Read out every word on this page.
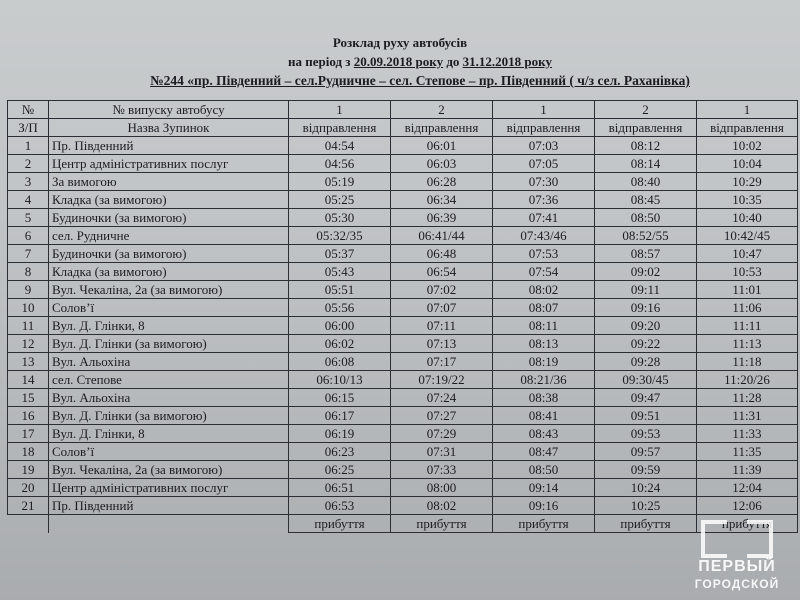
Розклад руху автобусів
на період з 20.09.2018 року до 31.12.2018 року
№244 «пр. Південний – сел.Рудничне – сел. Степове – пр. Південний ( ч/з сел. Раханівка)
№	№ випуску автобусу	1	2	1	2	1
З/П	Назва Зупинок	відправлення	відправлення	відправлення	відправлення	відправлення
1	Пр. Південний	04:54	06:01	07:03	08:12	10:02
2	Центр адміністративних послуг	04:56	06:03	07:05	08:14	10:04
3	За вимогою	05:19	06:28	07:30	08:40	10:29
4	Кладка (за вимогою)	05:25	06:34	07:36	08:45	10:35
5	Будиночки (за вимогою)	05:30	06:39	07:41	08:50	10:40
6	сел. Рудничне	05:32/35	06:41/44	07:43/46	08:52/55	10:42/45
7	Будиночки (за вимогою)	05:37	06:48	07:53	08:57	10:47
8	Кладка (за вимогою)	05:43	06:54	07:54	09:02	10:53
9	Вул. Чекаліна, 2а (за вимогою)	05:51	07:02	08:02	09:11	11:01
10	Солов’ї	05:56	07:07	08:07	09:16	11:06
11	Вул. Д. Глінки, 8	06:00	07:11	08:11	09:20	11:11
12	Вул. Д. Глінки (за вимогою)	06:02	07:13	08:13	09:22	11:13
13	Вул. Альохіна	06:08	07:17	08:19	09:28	11:18
14	сел. Степове	06:10/13	07:19/22	08:21/36	09:30/45	11:20/26
15	Вул. Альохіна	06:15	07:24	08:38	09:47	11:28
16	Вул. Д. Глінки (за вимогою)	06:17	07:27	08:41	09:51	11:31
17	Вул. Д. Глінки, 8	06:19	07:29	08:43	09:53	11:33
18	Солов’ї	06:23	07:31	08:47	09:57	11:35
19	Вул. Чекаліна, 2а (за вимогою)	06:25	07:33	08:50	09:59	11:39
20	Центр адміністративних послуг	06:51	08:00	09:14	10:24	12:04
21	Пр. Південний	06:53	08:02	09:16	10:25	12:06
		прибуття	прибуття	прибуття	прибуття	прибуття
ПЕРВЫЙ
ГОРОДСКОЙ
